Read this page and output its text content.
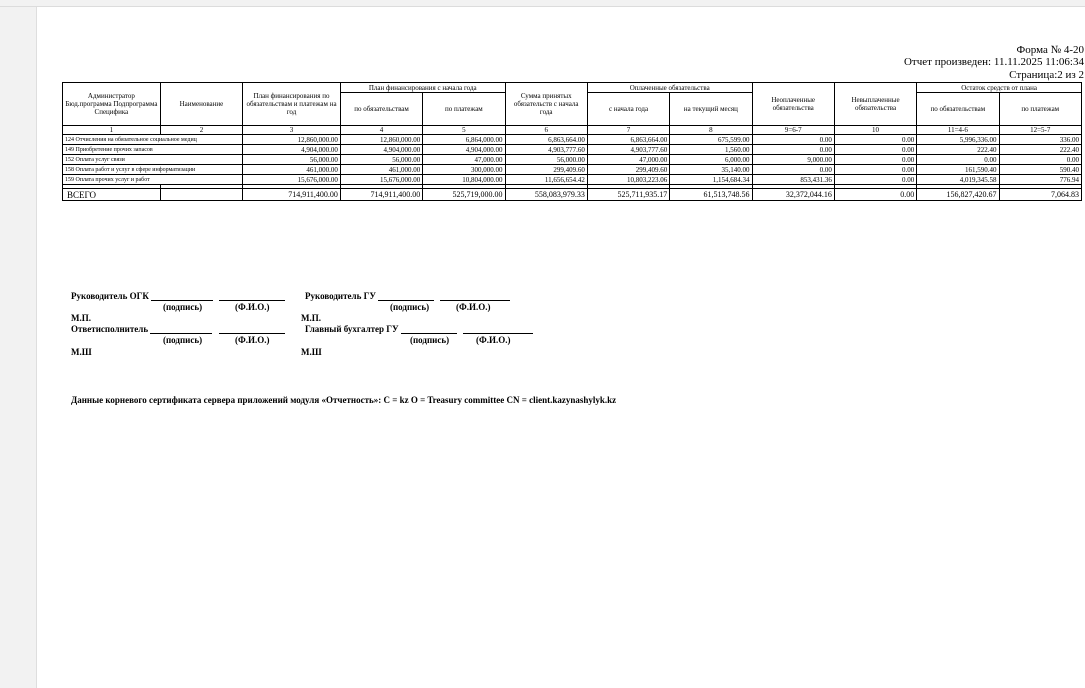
Форма № 4-20
Отчет произведен: 11.11.2025 11:06:34
Страница:2 из 2
Администратор Бюд.программа Подпрограмма Специфика	Наименование	План финансирования по обязательствам и платежам на год	План финансирования с начала года		Сумма принятых обязательств с начала года	Оплаченные обязательства		Неоплаченные обязательства	Невыплаченные обязательства	Остаток средств от плана	
			по обязательствам	по платежам		с начала года	на текущий месяц			по обязательствам	по платежам
1	2	3	4	5	6	7	8	9=6-7	10	11=4-6	12=5-7
124 Отчисления на обязательное социальное медиц		12,860,000.00	12,860,000.00	6,864,000.00	6,863,664.00	6,863,664.00	675,599.00	0.00	0.00	5,996,336.00	336.00
149 Приобретение прочих запасов		4,904,000.00	4,904,000.00	4,904,000.00	4,903,777.60	4,903,777.60	1,560.00	0.00	0.00	222.40	222.40
152 Оплата услуг связи		56,000.00	56,000.00	47,000.00	56,000.00	47,000.00	6,000.00	9,000.00	0.00	0.00	0.00
158 Оплата работ и услуг в сфере информатизации		461,000.00	461,000.00	300,000.00	299,409.60	299,409.60	35,140.00	0.00	0.00	161,590.40	590.40
159 Оплата прочих услуг и работ		15,676,000.00	15,676,000.00	10,804,000.00	11,656,654.42	10,803,223.06	1,154,684.34	853,431.36	0.00	4,019,345.58	776.94

ВСЕГО		714,911,400.00	714,911,400.00	525,719,000.00	558,083,979.33	525,711,935.17	61,513,748.56	32,372,044.16	0.00	156,827,420.67	7,064.83
Руководитель ОГК	Руководитель ГУ
(подпись)	(Ф.И.О.)	(подпись)	(Ф.И.О.)
М.П.	М.П.
Ответисполнитель	Главный бухгалтер ГУ
(подпись)	(Ф.И.О.)	(подпись)	(Ф.И.О.)
М.Ш	М.Ш
Данные корневого сертификата сервера приложений модуля «Отчетность»: C = kz O = Treasury committee CN = client.kazynashylyk.kz
